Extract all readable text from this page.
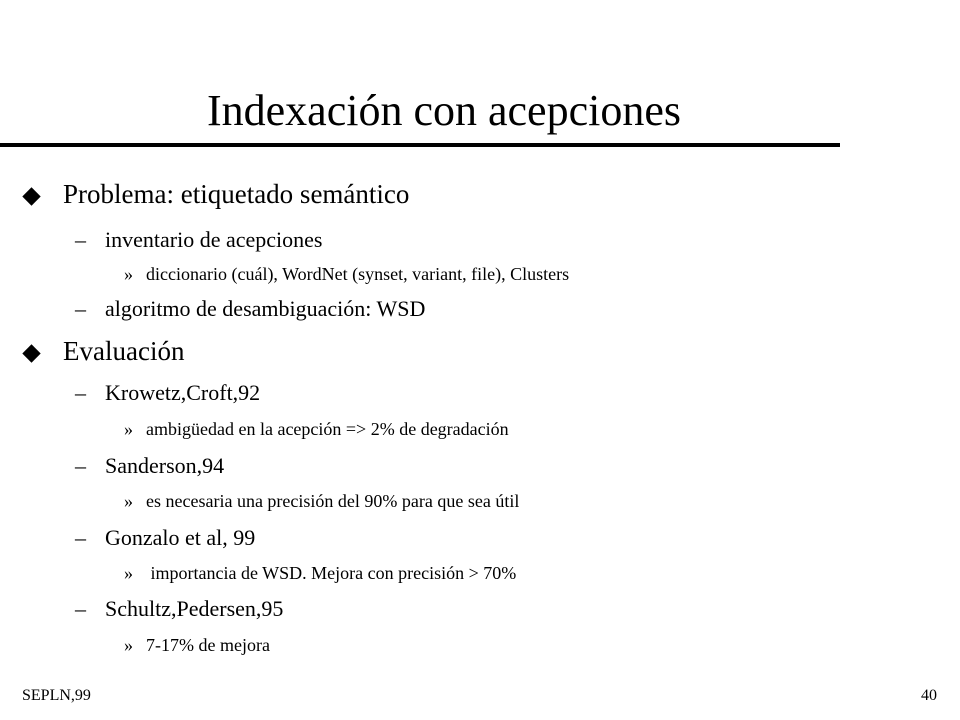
Indexación con acepciones
Problema: etiquetado semántico
– inventario de acepciones
» diccionario (cuál), WordNet (synset, variant, file), Clusters
– algoritmo de desambiguación: WSD
Evaluación
– Krowetz,Croft,92
» ambigüedad en la acepción => 2% de degradación
– Sanderson,94
» es necesaria una precisión del 90% para que sea útil
– Gonzalo et al, 99
» importancia de WSD. Mejora con precisión > 70%
– Schultz,Pedersen,95
» 7-17% de mejora
SEPLN,99	40
